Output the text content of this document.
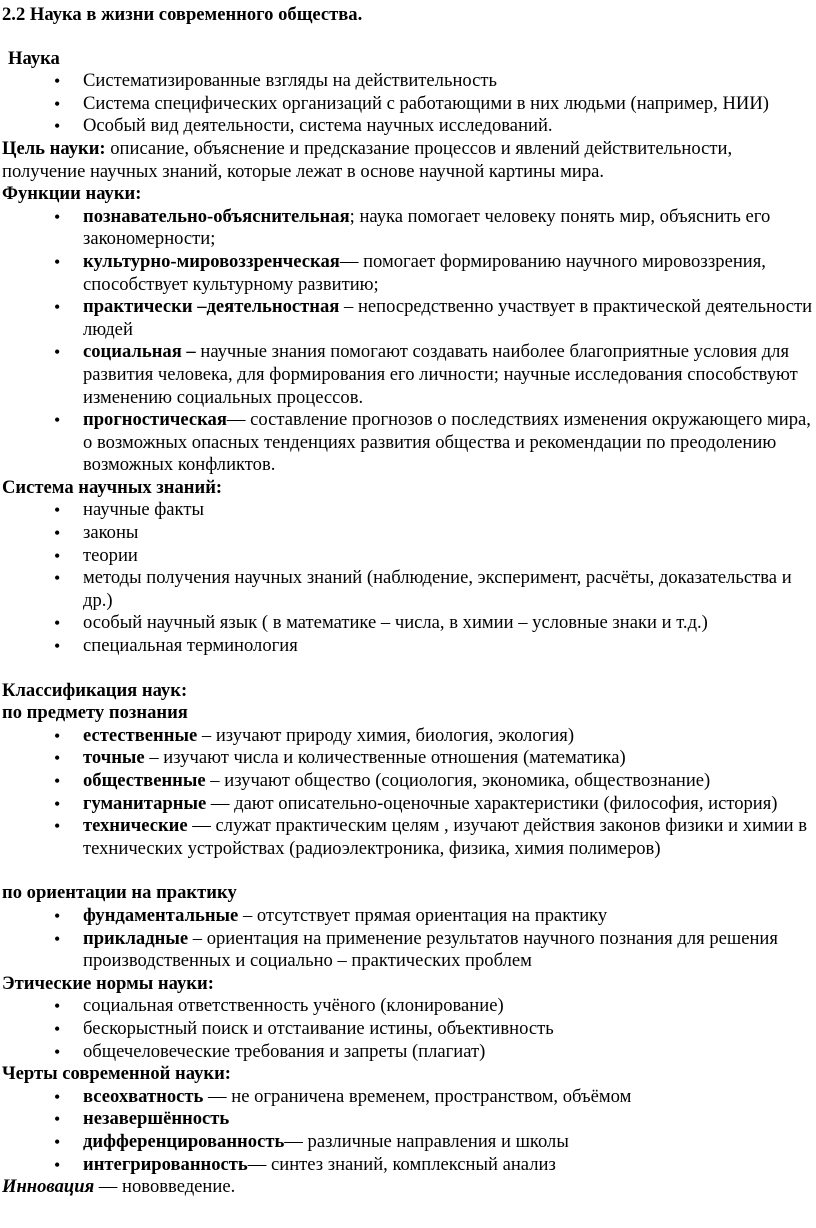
2.2 Наука в жизни современного общества.

Наука

• Систематизированные взгляды на действительность
• Система специфических организаций с работающими в них людьми (например, НИИ)
• Особый вид деятельности, система научных исследований.

Цель науки: описание, объяснение и предсказание процессов и явлений действительности, получение научных знаний, которые лежат в основе научной картины мира.

Функции науки:

• познавательно-объяснительная; наука помогает человеку понять мир, объяснить его закономерности;
• культурно-мировоззренческая— помогает формированию научного мировоззрения, способствует культурному развитию;
• практически –деятельностная – непосредственно участвует в практической деятельности людей
• социальная – научные знания помогают создавать наиболее благоприятные условия для развития человека, для формирования его личности; научные исследования способствуют изменению социальных процессов.
• прогностическая— составление прогнозов о последствиях изменения окружающего мира, о возможных опасных тенденциях развития общества и рекомендации по преодолению возможных конфликтов.

Система научных знаний:

• научные факты
• законы
• теории
• методы получения научных знаний (наблюдение, эксперимент, расчёты, доказательства и др.)
• особый научный язык ( в математике – числа, в химии – условные знаки и т.д.)
• специальная терминология

Классификация наук:

по предмету познания

• естественные – изучают природу химия, биология, экология)
• точные – изучают числа и количественные отношения (математика)
• общественные – изучают общество (социология, экономика, обществознание)
• гуманитарные — дают описательно-оценочные характеристики (философия, история)
• технические — служат практическим целям , изучают действия законов физики и химии в технических устройствах (радиоэлектроника, физика, химия полимеров)

по ориентации на практику

• фундаментальные – отсутствует прямая ориентация на практику
• прикладные – ориентация на применение результатов научного познания для решения производственных и социально – практических проблем

Этические нормы науки:

• социальная ответственность учёного (клонирование)
• бескорыстный поиск и отстаивание истины, объективность
• общечеловеческие требования и запреты (плагиат)

Черты современной науки:

• всеохватность — не ограничена временем, пространством, объёмом
• незавершённость
• дифференцированность— различные направления и школы
• интегрированность— синтез знаний, комплексный анализ

Инновация — нововведение.
